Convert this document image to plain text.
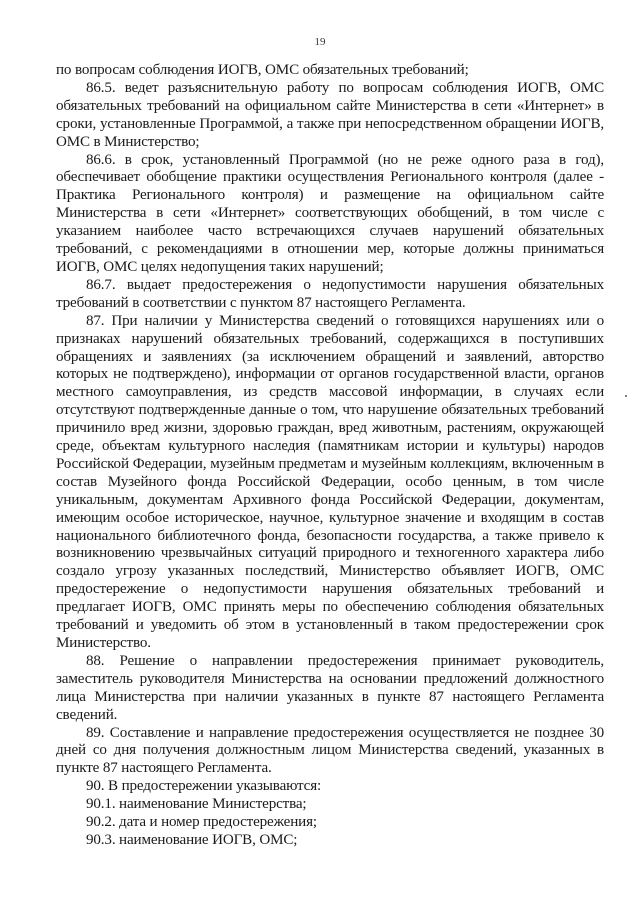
19

по вопросам соблюдения ИОГВ, ОМС обязательных требований;

86.5. ведет разъяснительную работу по вопросам соблюдения ИОГВ, ОМС обязательных требований на официальном сайте Министерства в сети «Интернет» в сроки, установленные Программой, а также при непосредственном обращении ИОГВ, ОМС в Министерство;

86.6. в срок, установленный Программой (но не реже одного раза в год), обеспечивает обобщение практики осуществления Регионального контроля (далее - Практика Регионального контроля) и размещение на официальном сайте Министерства в сети «Интернет» соответствующих обобщений, в том числе с указанием наиболее часто встречающихся случаев нарушений обязательных требований, с рекомендациями в отношении мер, которые должны приниматься ИОГВ, ОМС целях недопущения таких нарушений;

86.7. выдает предостережения о недопустимости нарушения обязательных требований в соответствии с пунктом 87 настоящего Регламента.

87. При наличии у Министерства сведений о готовящихся нарушениях или о признаках нарушений обязательных требований, содержащихся в поступивших обращениях и заявлениях (за исключением обращений и заявлений, авторство которых не подтверждено), информации от органов государственной власти, органов местного самоуправления, из средств массовой информации, в случаях если отсутствуют подтвержденные данные о том, что нарушение обязательных требований причинило вред жизни, здоровью граждан, вред животным, растениям, окружающей среде, объектам культурного наследия (памятникам истории и культуры) народов Российской Федерации, музейным предметам и музейным коллекциям, включенным в состав Музейного фонда Российской Федерации, особо ценным, в том числе уникальным, документам Архивного фонда Российской Федерации, документам, имеющим особое историческое, научное, культурное значение и входящим в состав национального библиотечного фонда, безопасности государства, а также привело к возникновению чрезвычайных ситуаций природного и техногенного характера либо создало угрозу указанных последствий, Министерство объявляет ИОГВ, ОМС предостережение о недопустимости нарушения обязательных требований и предлагает ИОГВ, ОМС принять меры по обеспечению соблюдения обязательных требований и уведомить об этом в установленный в таком предостережении срок Министерство.

88. Решение о направлении предостережения принимает руководитель, заместитель руководителя Министерства на основании предложений должностного лица Министерства при наличии указанных в пункте 87 настоящего Регламента сведений.

89. Составление и направление предостережения осуществляется не позднее 30 дней со дня получения должностным лицом Министерства сведений, указанных в пункте 87 настоящего Регламента.

90. В предостережении указываются:

90.1. наименование Министерства;

90.2. дата и номер предостережения;

90.3. наименование ИОГВ, ОМС;
